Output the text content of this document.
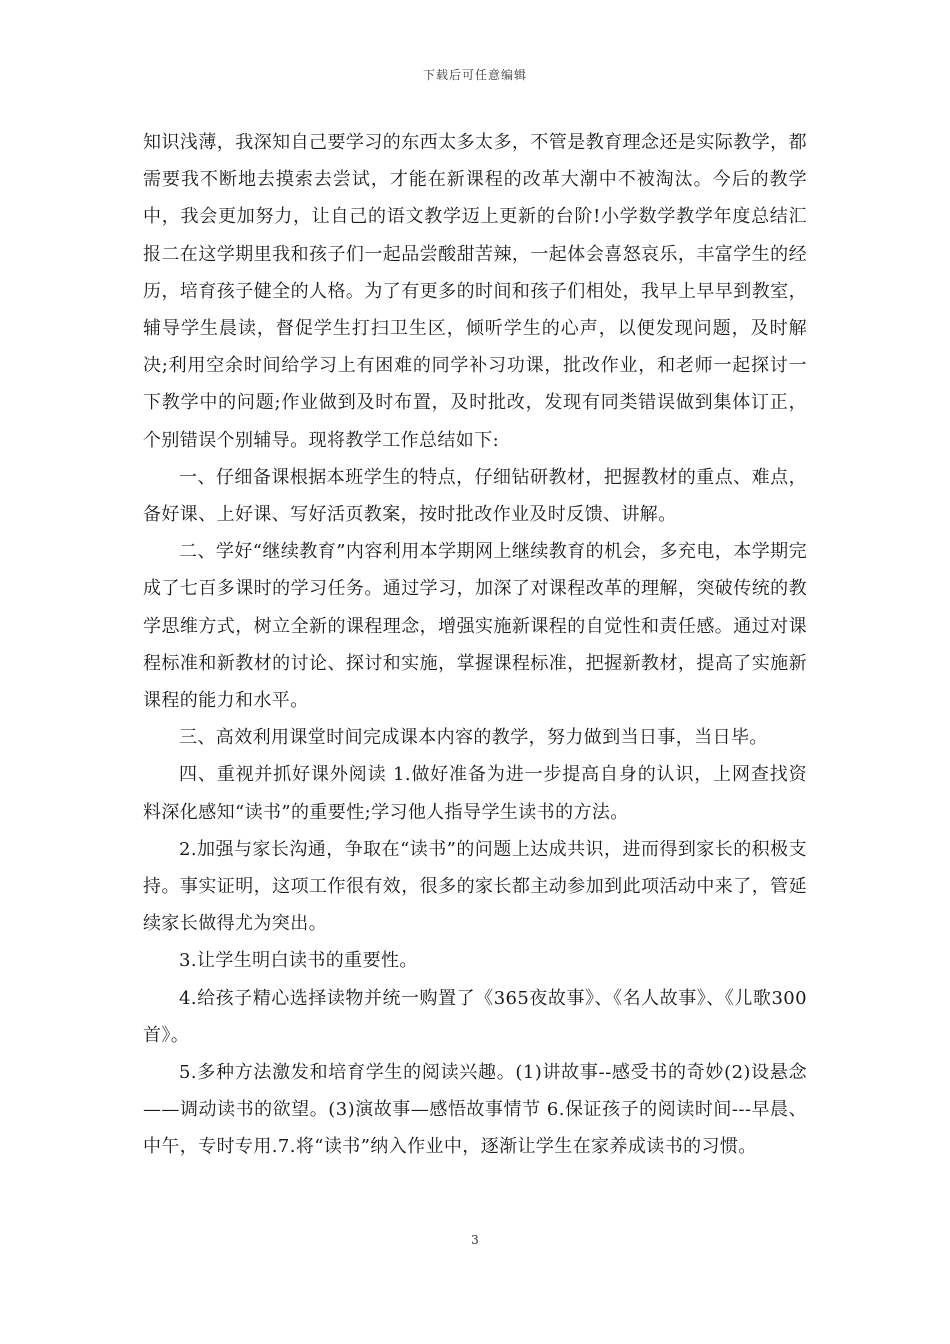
下载后可任意编辑

知识浅薄，我深知自己要学习的东西太多太多，不管是教育理念还是实际教学，都需要我不断地去摸索去尝试，才能在新课程的改革大潮中不被淘汰。今后的教学中，我会更加努力，让自己的语文教学迈上更新的台阶!小学数学教学年度总结汇报二在这学期里我和孩子们一起品尝酸甜苦辣，一起体会喜怒哀乐，丰富学生的经历，培育孩子健全的人格。为了有更多的时间和孩子们相处，我早上早早到教室，辅导学生晨读，督促学生打扫卫生区，倾听学生的心声，以便发现问题，及时解决;利用空余时间给学习上有困难的同学补习功课，批改作业，和老师一起探讨一下教学中的问题;作业做到及时布置，及时批改，发现有同类错误做到集体订正，个别错误个别辅导。现将教学工作总结如下:

一、仔细备课根据本班学生的特点，仔细钻研教材，把握教材的重点、难点，备好课、上好课、写好活页教案，按时批改作业及时反馈、讲解。

二、学好“继续教育”内容利用本学期网上继续教育的机会，多充电，本学期完成了七百多课时的学习任务。通过学习，加深了对课程改革的理解，突破传统的教学思维方式，树立全新的课程理念，增强实施新课程的自觉性和责任感。通过对课程标准和新教材的讨论、探讨和实施，掌握课程标准，把握新教材，提高了实施新课程的能力和水平。

三、高效利用课堂时间完成课本内容的教学，努力做到当日事，当日毕。

四、重视并抓好课外阅读 1.做好准备为进一步提高自身的认识，上网查找资料深化感知“读书”的重要性;学习他人指导学生读书的方法。

2.加强与家长沟通，争取在“读书”的问题上达成共识，进而得到家长的积极支持。事实证明，这项工作很有效，很多的家长都主动参加到此项活动中来了，管延续家长做得尤为突出。

3.让学生明白读书的重要性。

4.给孩子精心选择读物并统一购置了《365夜故事》、《名人故事》、《儿歌300首》。

5.多种方法激发和培育学生的阅读兴趣。(1)讲故事--感受书的奇妙(2)设悬念——调动读书的欲望。(3)演故事—感悟故事情节 6.保证孩子的阅读时间---早晨、中午，专时专用.7.将“读书”纳入作业中，逐渐让学生在家养成读书的习惯。

3
